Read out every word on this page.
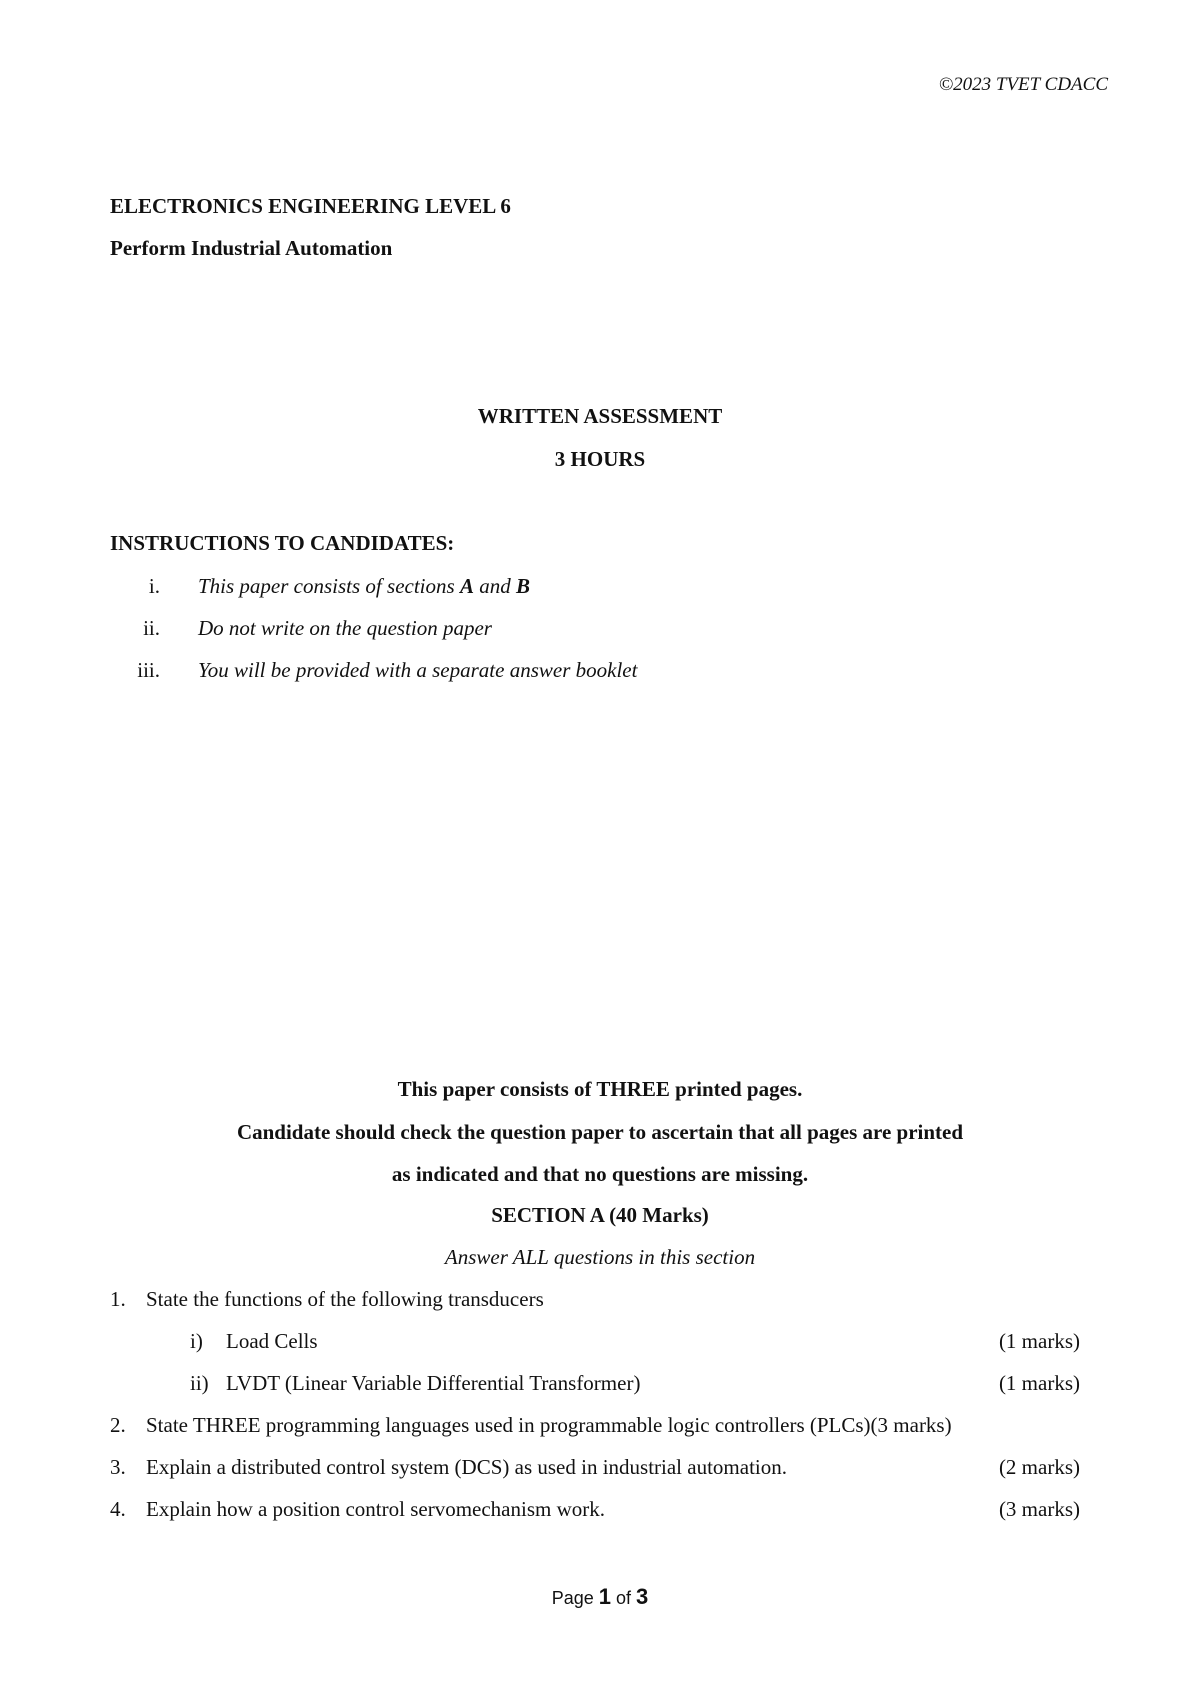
©2023 TVET CDACC
ELECTRONICS ENGINEERING LEVEL 6
Perform Industrial Automation
WRITTEN ASSESSMENT
3 HOURS
INSTRUCTIONS TO CANDIDATES:
i. This paper consists of sections A and B
ii. Do not write on the question paper
iii. You will be provided with a separate answer booklet
This paper consists of THREE printed pages.
Candidate should check the question paper to ascertain that all pages are printed
as indicated and that no questions are missing.
SECTION A (40 Marks)
Answer ALL questions in this section
1. State the functions of the following transducers
i) Load Cells	(1 marks)
ii) LVDT (Linear Variable Differential Transformer)	(1 marks)
2. State THREE programming languages used in programmable logic controllers (PLCs)(3 marks)
3. Explain a distributed control system (DCS) as used in industrial automation.	(2 marks)
4. Explain how a position control servomechanism work.	(3 marks)
Page 1 of 3
